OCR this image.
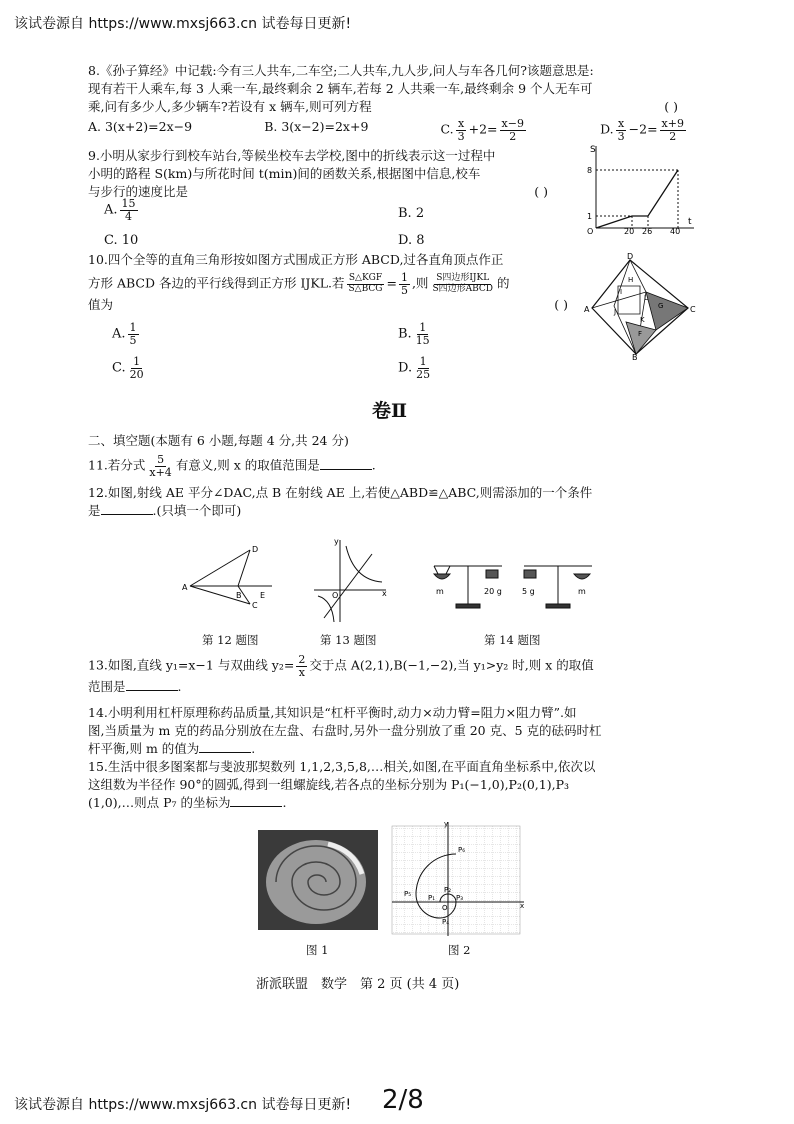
该试卷源自 https://www.mxsj663.cn 试卷每日更新!
8.《孙子算经》中记载:今有三人共车,二车空;二人共车,九人步,问人与车各几何?该题意思是:
现有若干人乘车,每 3 人乘一车,最终剩余 2 辆车,若每 2 人共乘一车,最终剩余 9 个人无车可
乘,问有多少人,多少辆车?若设有 x 辆车,则可列方程	( )
A. 3(x+2)=2x−9	B. 3(x−2)=2x+9	C. $\frac{x}{3} +2= \frac{x-9}{2}$	D. $\frac{x}{3} -2= \frac{x+9}{2}$
9.小明从家步行到校车站台,等候坐校车去学校,图中的折线表示这一过程中
小明的路程 S(km)与所花时间 t(min)间的函数关系,根据图中信息,校车
与步行的速度比是	( )
A. $\frac{15}{4}$	B. 2
C. 10	D. 8
S
t
O
8
1
20 26 40
10.四个全等的直角三角形按如图方式围成正方形 ABCD,过各直角顶点作正
方形 ABCD 各边的平行线得到正方形 IJKL.若 $\frac{\text{S△KGF}}{\text{S△BCG}} = \frac{1}{5}$ ,则 $\frac{\text{S四边形IJKL}}{\text{S四边形ABCD}}$ 的
值为	( )
A. $\frac{1}{5}$	B. $\frac{1}{15}$
C. $\frac{1}{20}$	D. $\frac{1}{25}$
D
C
B
A
H
L
I
J
K
G
F
卷Ⅱ
二、填空题(本题有 6 小题,每题 4 分,共 24 分)
11.若分式 $\frac{5}{x+4}$ 有意义,则 x 的取值范围是	.
12.如图,射线 AE 平分∠DAC,点 B 在射线 AE 上,若使△ABD≌△ABC,则需添加的一个条件
是	.(只填一个即可)
A
D
B
C
E
第 12 题图
y
x
O
第 13 题图
m	20 g	5 g	m
第 14 题图
13.如图,直线 y₁=x−1 与双曲线 $y_2= \frac{2}{x}$ 交于点 A(2,1),B(−1,−2),当 y₁>y₂ 时,则 x 的取值
范围是	.
14.小明利用杠杆原理称药品质量,其知识是“杠杆平衡时,动力×动力臂=阻力×阻力臂”.如
图,当质量为 m 克的药品分别放在左盘、右盘时,另外一盘分别放了重 20 克、5 克的砝码时杠
杆平衡,则 m 的值为	.
15.生活中很多图案都与斐波那契数列 1,1,2,3,5,8,…相关,如图,在平面直角坐标系中,依次以
这组数为半径作 90°的圆弧,得到一组螺旋线,若各点的坐标分别为 P₁(−1,0),P₂(0,1),P₃
(1,0),…则点 P₇ 的坐标为	.
图 1
y
x
O
P₁
P₂
P₃
P₄
P₅
P₆
图 2
浙派联盟　数学　第 2 页 (共 4 页)
该试卷源自 https://www.mxsj663.cn 试卷每日更新! 2/8
